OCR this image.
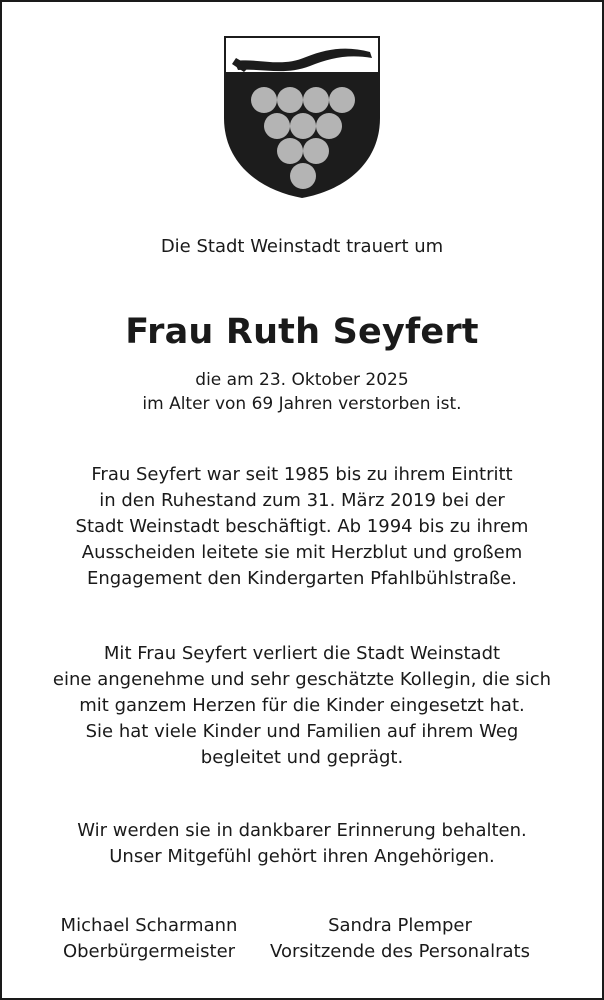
Die Stadt Weinstadt trauert um
Frau Ruth Seyfert
die am 23. Oktober 2025
im Alter von 69 Jahren verstorben ist.
Frau Seyfert war seit 1985 bis zu ihrem Eintritt
in den Ruhestand zum 31. März 2019 bei der
Stadt Weinstadt beschäftigt. Ab 1994 bis zu ihrem
Ausscheiden leitete sie mit Herzblut und großem
Engagement den Kindergarten Pfahlbühlstraße.
Mit Frau Seyfert verliert die Stadt Weinstadt
eine angenehme und sehr geschätzte Kollegin, die sich
mit ganzem Herzen für die Kinder eingesetzt hat.
Sie hat viele Kinder und Familien auf ihrem Weg
begleitet und geprägt.
Wir werden sie in dankbarer Erinnerung behalten.
Unser Mitgefühl gehört ihren Angehörigen.
Michael Scharmann
Oberbürgermeister
Sandra Plemper
Vorsitzende des Personalrats
